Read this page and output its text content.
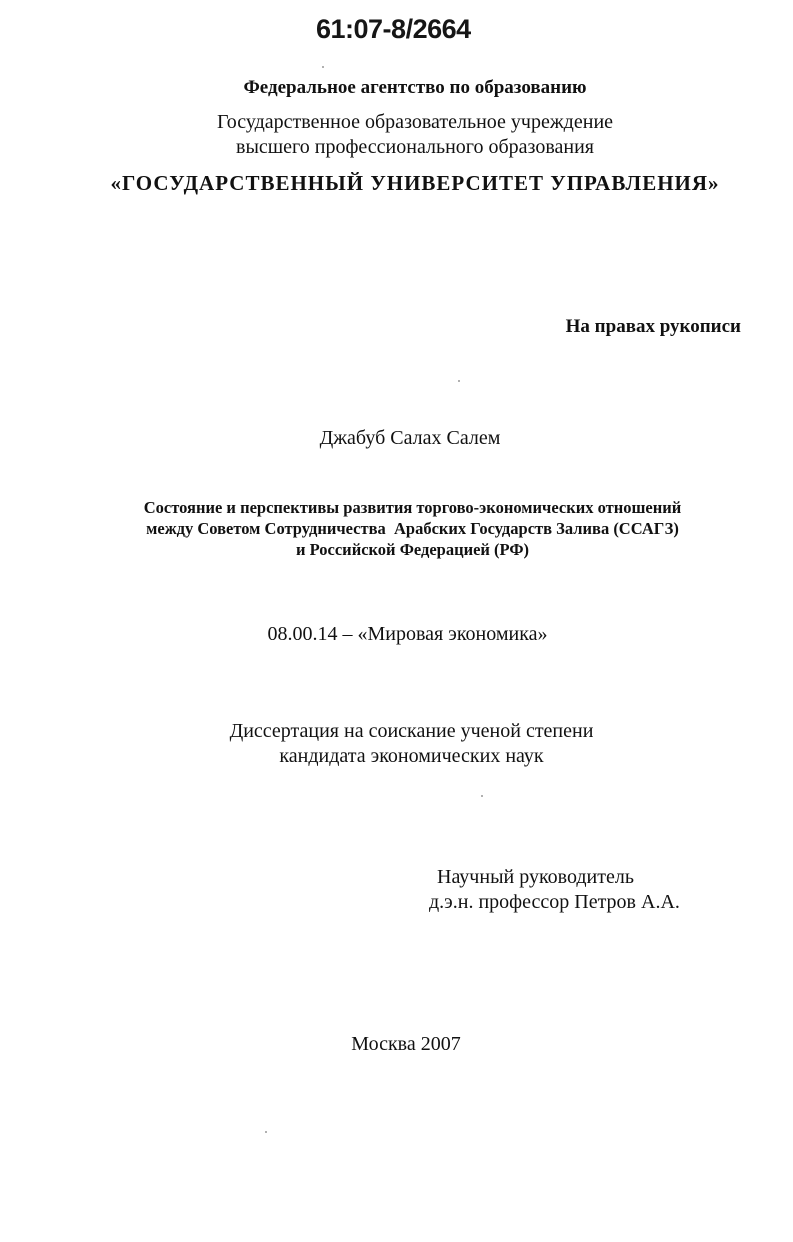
61:07-8/2664
Федеральное агентство по образованию
Государственное образовательное учреждение
высшего профессионального образования
«ГОСУДАРСТВЕННЫЙ УНИВЕРСИТЕТ УПРАВЛЕНИЯ»
На правах рукописи
Джабуб Салах Салем
Состояние и перспективы развития торгово-экономических отношений
между Советом Сотрудничества  Арабских Государств Залива (ССАГЗ)
и Российской Федерацией (РФ)
08.00.14 – «Мировая экономика»
Диссертация на соискание ученой степени
кандидата экономических наук
Научный руководитель
д.э.н. профессор Петров А.А.
Москва 2007
